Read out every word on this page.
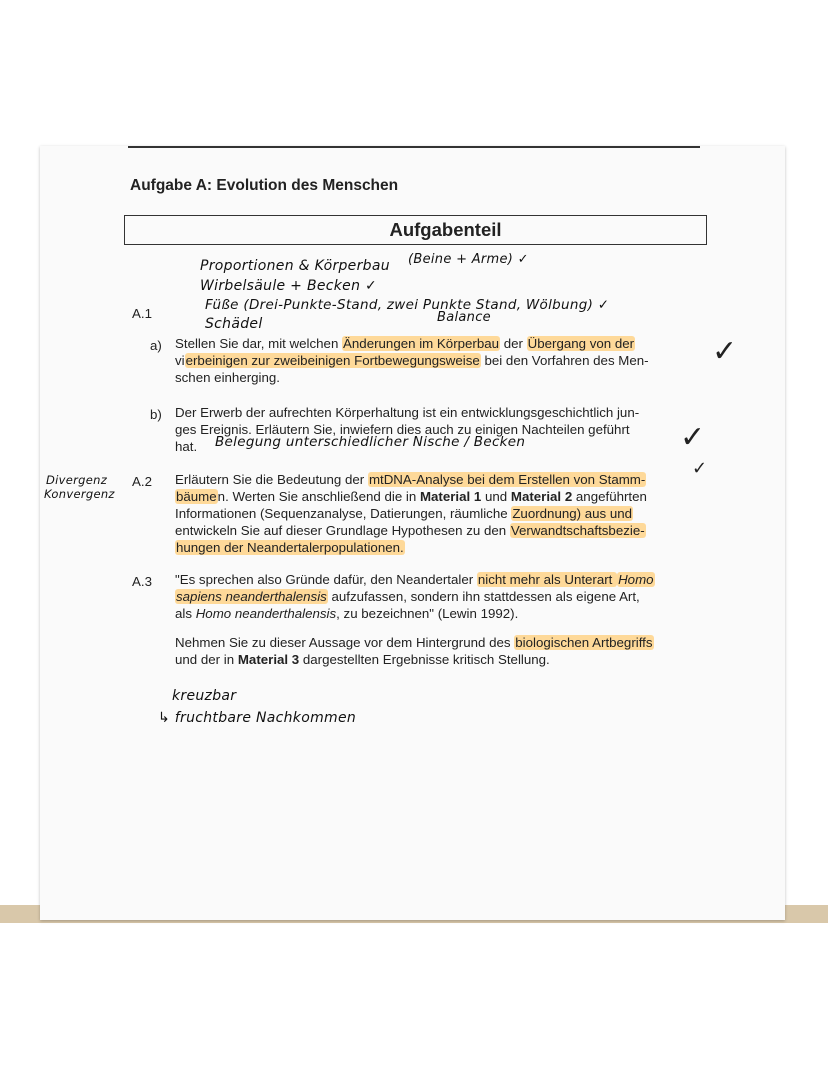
Aufgabe A: Evolution des Menschen
Aufgabenteil
Proportionen & Körperbau (Beine + Arme) ✓
Wirbelsäule + Becken ✓
Füße (Drei-Punkte-Stand, zwei Punkte Stand, Wölbung) ✓
Schädel	Balance
A.1
a) Stellen Sie dar, mit welchen Änderungen im Körperbau der Übergang von der
vierbeinigen zur zweibeinigen Fortbewegungsweise bei den Vorfahren des Men-
schen einherging.
✓
b) Der Erwerb der aufrechten Körperhaltung ist ein entwicklungsgeschichtlich jun-
ges Ereignis. Erläutern Sie, inwiefern dies auch zu einigen Nachteilen geführt
hat.	Belegung unterschiedlicher Nische / Becken	✓
Divergenz
Konvergenz
A.2 Erläutern Sie die Bedeutung der mtDNA-Analyse bei dem Erstellen von Stamm-
bäumen. Werten Sie anschließend die in Material 1 und Material 2 angeführten
Informationen (Sequenzanalyse, Datierungen, räumliche Zuordnung) aus und
entwickeln Sie auf dieser Grundlage Hypothesen zu den Verwandtschaftsbezie-
hungen der Neandertalerpopulationen.
✓
A.3 "Es sprechen also Gründe dafür, den Neandertaler nicht mehr als Unterart Homo
sapiens neanderthalensis aufzufassen, sondern ihn stattdessen als eigene Art,
als Homo neanderthalensis, zu bezeichnen" (Lewin 1992).
Nehmen Sie zu dieser Aussage vor dem Hintergrund des biologischen Artbegriffs
und der in Material 3 dargestellten Ergebnisse kritisch Stellung.
kreuzbar
↳ fruchtbare Nachkommen
